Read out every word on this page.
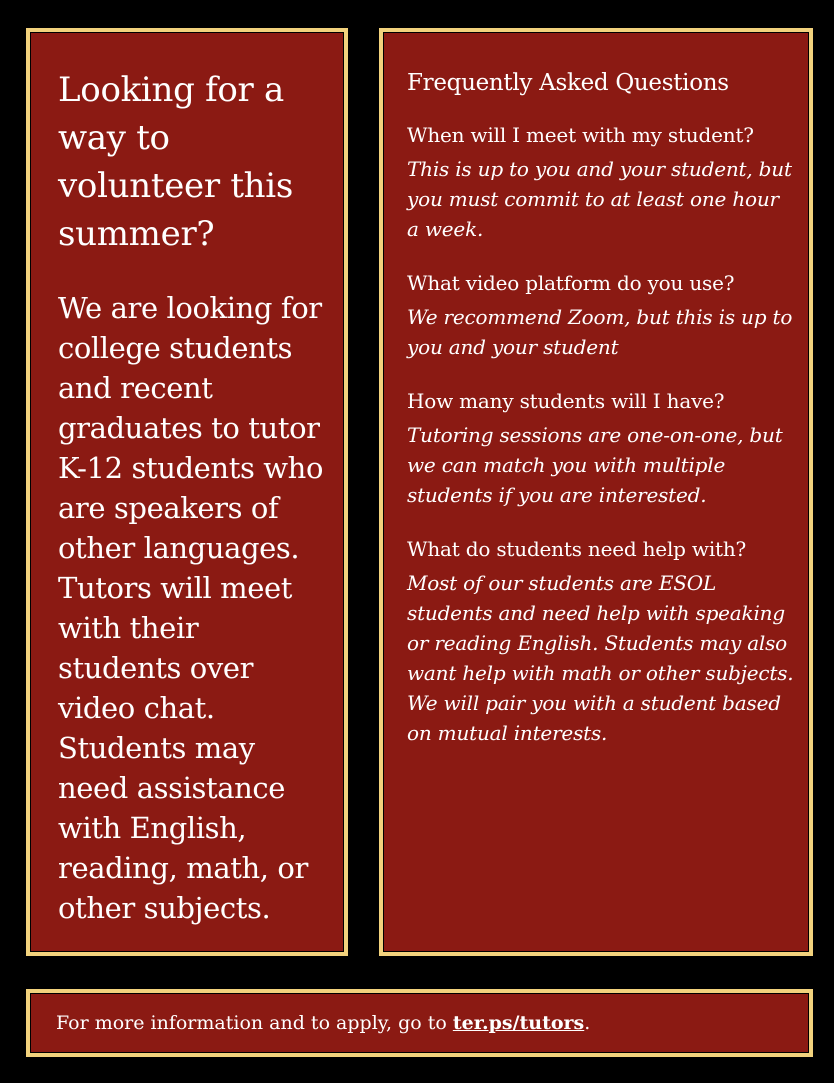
Looking for a way to volunteer this summer?

We are looking for college students and recent graduates to tutor K-12 students who are speakers of other languages. Tutors will meet with their students over video chat. Students may need assistance with English, reading, math, or other subjects.

Frequently Asked Questions

When will I meet with my student?

This is up to you and your student, but you must commit to at least one hour a week.

What video platform do you use?

We recommend Zoom, but this is up to you and your student

How many students will I have?

Tutoring sessions are one-on-one, but we can match you with multiple students if you are interested.

What do students need help with?

Most of our students are ESOL students and need help with speaking or reading English. Students may also want help with math or other subjects. We will pair you with a student based on mutual interests.

For more information and to apply, go to ter.ps/tutors.
